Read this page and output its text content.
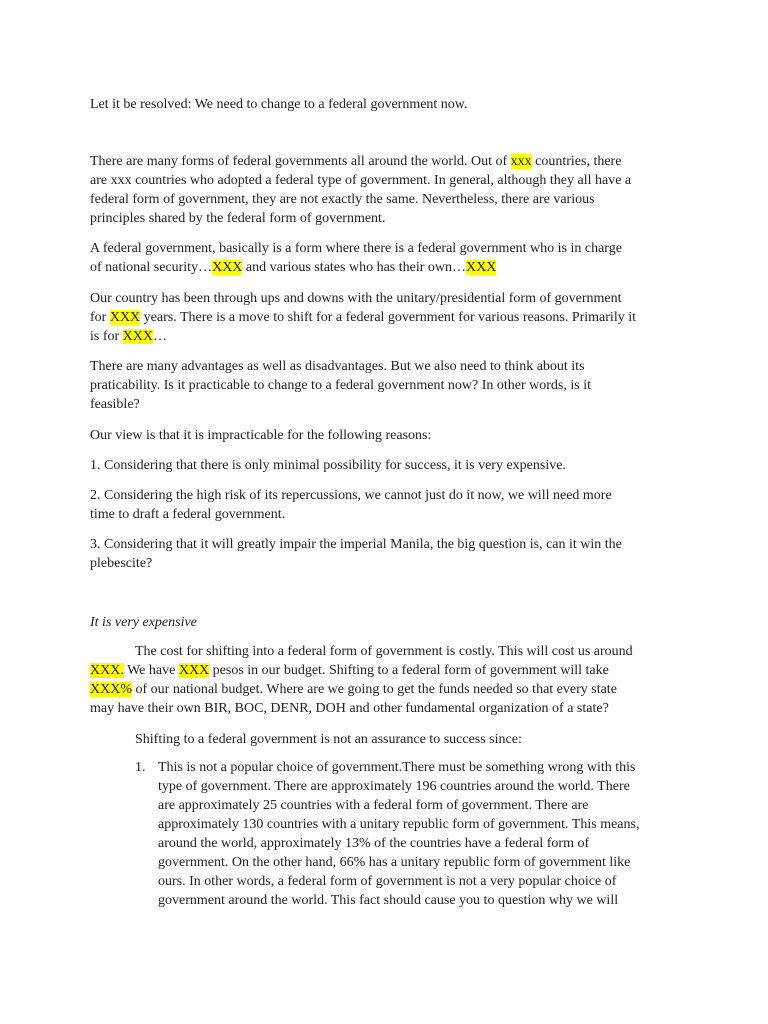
Let it be resolved: We need to change to a federal government now.
There are many forms of federal governments all around the world. Out of xxx countries, there
are xxx countries who adopted a federal type of government. In general, although they all have a
federal form of government, they are not exactly the same. Nevertheless, there are various
principles shared by the federal form of government.
A federal government, basically is a form where there is a federal government who is in charge
of national security…XXX and various states who has their own…XXX
Our country has been through ups and downs with the unitary/presidential form of government
for XXX years. There is a move to shift for a federal government for various reasons. Primarily it
is for XXX…
There are many advantages as well as disadvantages. But we also need to think about its
praticability. Is it practicable to change to a federal government now? In other words, is it
feasible?
Our view is that it is impracticable for the following reasons:
1. Considering that there is only minimal possibility for success, it is very expensive.
2. Considering the high risk of its repercussions, we cannot just do it now, we will need more
time to draft a federal government.
3. Considering that it will greatly impair the imperial Manila, the big question is, can it win the
plebescite?
It is very expensive
The cost for shifting into a federal form of government is costly. This will cost us around
XXX. We have XXX pesos in our budget. Shifting to a federal form of government will take
XXX% of our national budget. Where are we going to get the funds needed so that every state
may have their own BIR, BOC, DENR, DOH and other fundamental organization of a state?
Shifting to a federal government is not an assurance to success since:
1. This is not a popular choice of government.There must be something wrong with this
type of government. There are approximately 196 countries around the world. There
are approximately 25 countries with a federal form of government. There are
approximately 130 countries with a unitary republic form of government. This means,
around the world, approximately 13% of the countries have a federal form of
government. On the other hand, 66% has a unitary republic form of government like
ours. In other words, a federal form of government is not a very popular choice of
government around the world. This fact should cause you to question why we will
